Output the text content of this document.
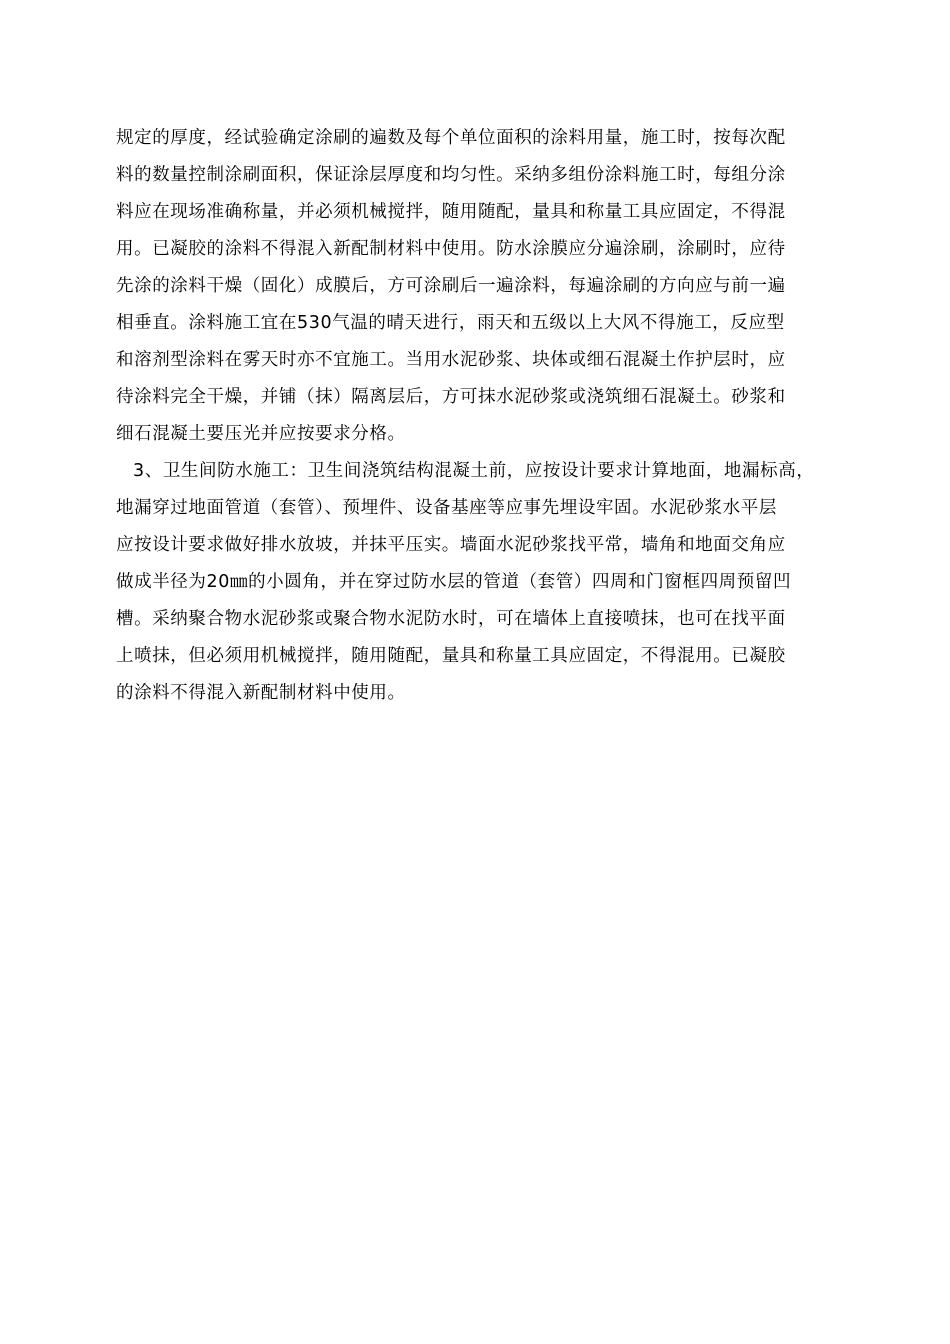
规定的厚度，经试验确定涂刷的遍数及每个单位面积的涂料用量，施工时，按每次配
料的数量控制涂刷面积，保证涂层厚度和均匀性。采纳多组份涂料施工时，每组分涂
料应在现场准确称量，并必须机械搅拌，随用随配，量具和称量工具应固定，不得混
用。已凝胶的涂料不得混入新配制材料中使用。防水涂膜应分遍涂刷，涂刷时，应待
先涂的涂料干燥（固化）成膜后，方可涂刷后一遍涂料，每遍涂刷的方向应与前一遍
相垂直。涂料施工宜在530气温的晴天进行，雨天和五级以上大风不得施工，反应型
和溶剂型涂料在雾天时亦不宜施工。当用水泥砂浆、块体或细石混凝土作护层时，应
待涂料完全干燥，并铺（抹）隔离层后，方可抹水泥砂浆或浇筑细石混凝土。砂浆和
细石混凝土要压光并应按要求分格。
3、卫生间防水施工：卫生间浇筑结构混凝土前，应按设计要求计算地面，地漏标高，
地漏穿过地面管道（套管）、预埋件、设备基座等应事先埋设牢固。水泥砂浆水平层
应按设计要求做好排水放坡，并抹平压实。墙面水泥砂浆找平常，墙角和地面交角应
做成半径为20㎜的小圆角，并在穿过防水层的管道（套管）四周和门窗框四周预留凹
槽。采纳聚合物水泥砂浆或聚合物水泥防水时，可在墙体上直接喷抹，也可在找平面
上喷抹，但必须用机械搅拌，随用随配，量具和称量工具应固定，不得混用。已凝胶
的涂料不得混入新配制材料中使用。
